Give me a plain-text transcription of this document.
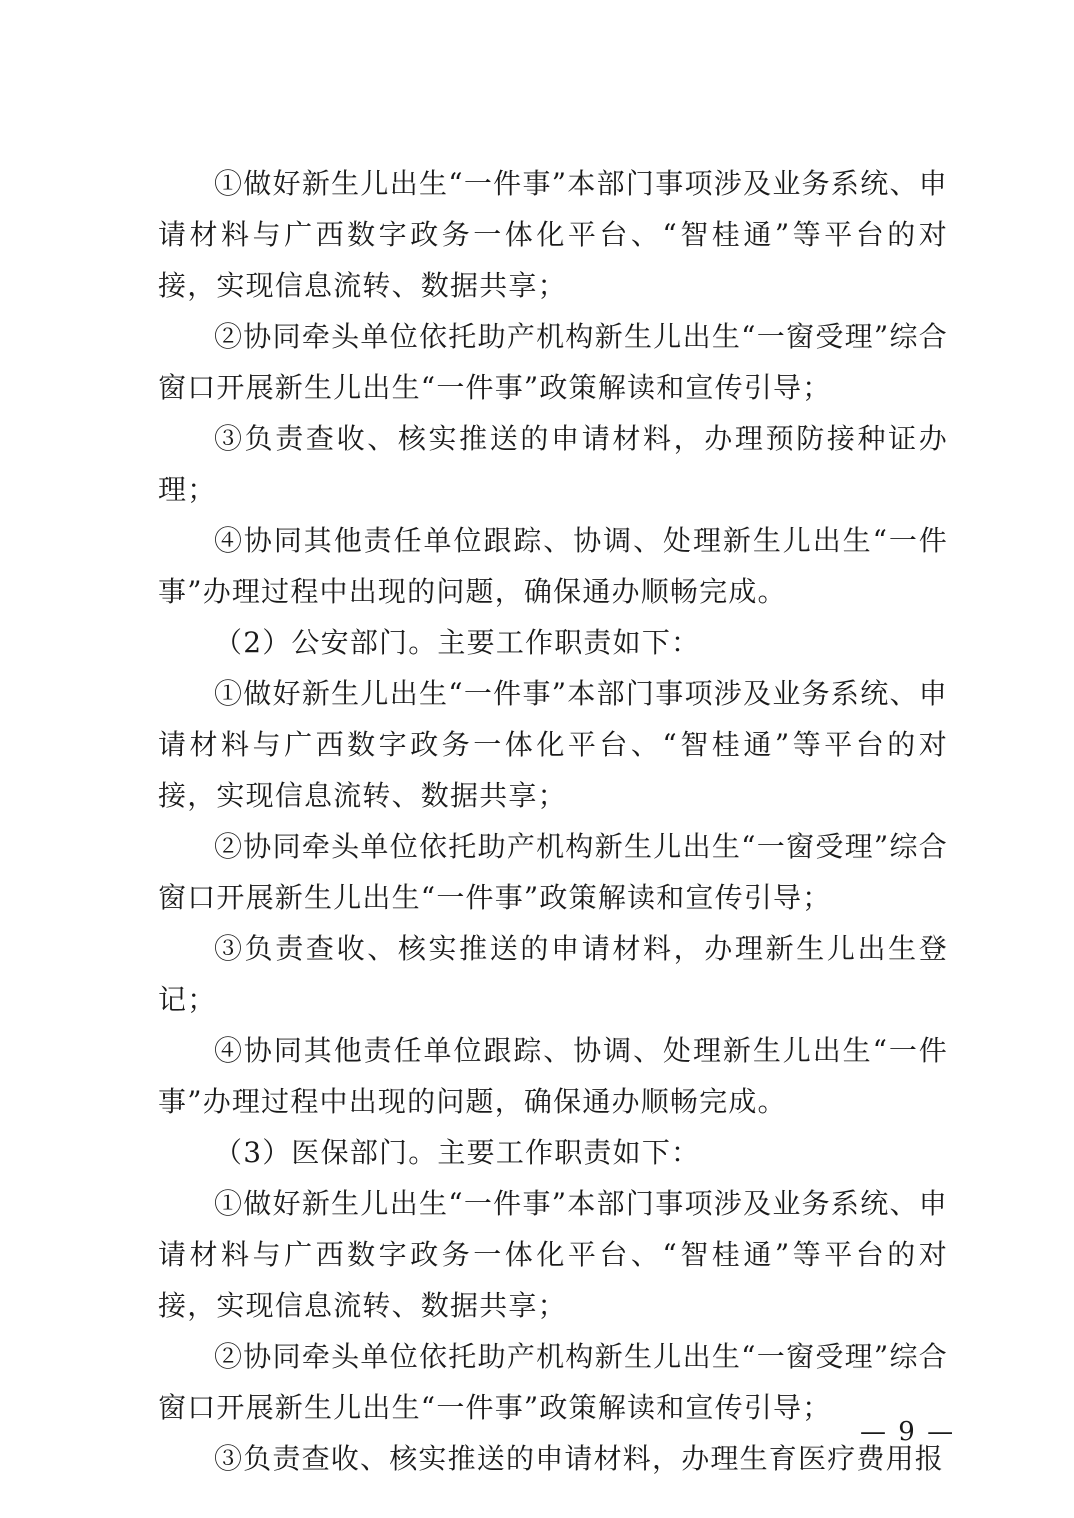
①做好新生儿出生“一件事”本部门事项涉及业务系统、申请材料与广西数字政务一体化平台、“智桂通”等平台的对接，实现信息流转、数据共享；

②协同牵头单位依托助产机构新生儿出生“一窗受理”综合窗口开展新生儿出生“一件事”政策解读和宣传引导；

③负责查收、核实推送的申请材料，办理预防接种证办理；

④协同其他责任单位跟踪、协调、处理新生儿出生“一件事”办理过程中出现的问题，确保通办顺畅完成。

（2）公安部门。主要工作职责如下：

①做好新生儿出生“一件事”本部门事项涉及业务系统、申请材料与广西数字政务一体化平台、“智桂通”等平台的对接，实现信息流转、数据共享；

②协同牵头单位依托助产机构新生儿出生“一窗受理”综合窗口开展新生儿出生“一件事”政策解读和宣传引导；

③负责查收、核实推送的申请材料，办理新生儿出生登记；

④协同其他责任单位跟踪、协调、处理新生儿出生“一件事”办理过程中出现的问题，确保通办顺畅完成。

（3）医保部门。主要工作职责如下：

①做好新生儿出生“一件事”本部门事项涉及业务系统、申请材料与广西数字政务一体化平台、“智桂通”等平台的对接，实现信息流转、数据共享；

②协同牵头单位依托助产机构新生儿出生“一窗受理”综合窗口开展新生儿出生“一件事”政策解读和宣传引导；

③负责查收、核实推送的申请材料，办理生育医疗费用报

— 9 —
